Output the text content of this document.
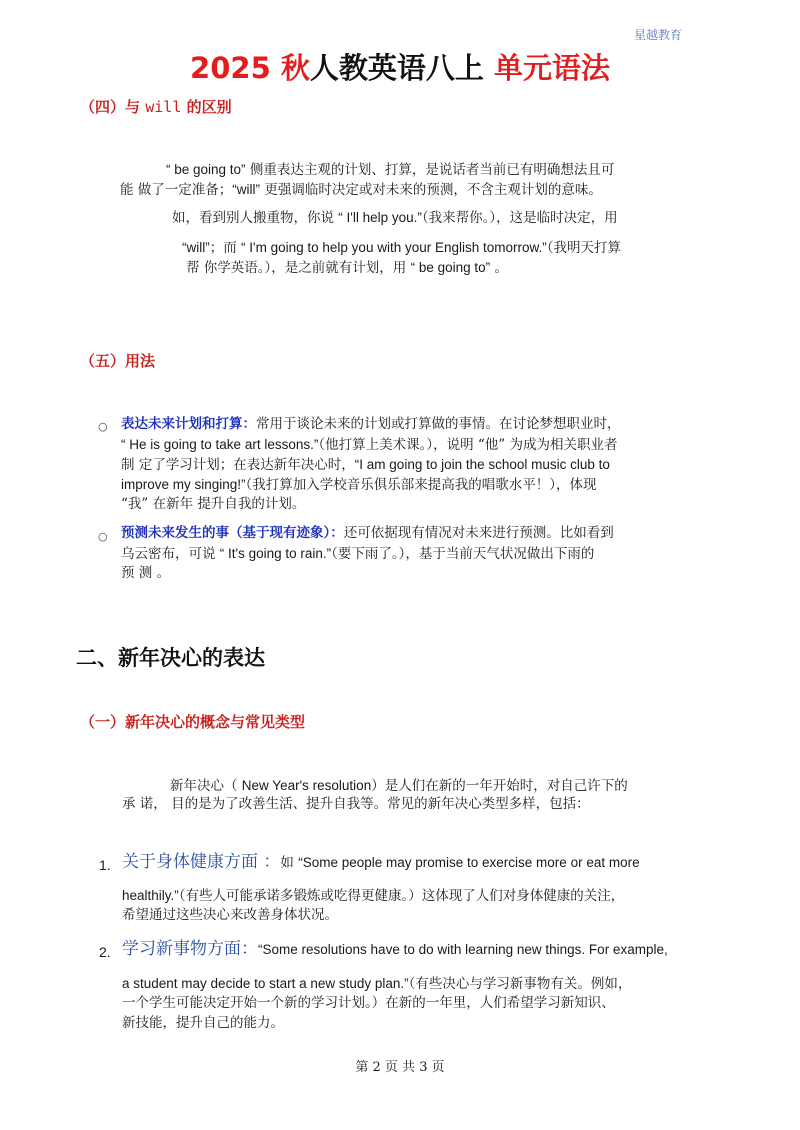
星越教育
2025 秋人教英语八上 单元语法
（四）与 will 的区别
“ be going to” 侧重表达主观的计划、打算，是说话者当前已有明确想法且可
能 做了一定准备；“will” 更强调临时决定或对未来的预测，不含主观计划的意味。
如，看到别人搬重物，你说 “ I'll help you.”（我来帮你。），这是临时决定，用
“will”；而 “ I'm going to help you with your English tomorrow.”（我明天打算
帮 你学英语。），是之前就有计划，用 “ be going to” 。
（五）用法
○ 表达未来计划和打算：常用于谈论未来的计划或打算做的事情。在讨论梦想职业时，
“ He is going to take art lessons.”（他打算上美术课。），说明 “他” 为成为相关职业者
制 定了学习计划；在表达新年决心时，“I am going to join the school music club to
improve my singing!”（我打算加入学校音乐俱乐部来提高我的唱歌水平！），体现
“我” 在新年 提升自我的计划。
○ 预测未来发生的事（基于现有迹象）：还可依据现有情况对未来进行预测。比如看到
乌云密布，可说 “ It's going to rain.”（要下雨了。），基于当前天气状况做出下雨的
预 测 。
二、新年决心的表达
（一）新年决心的概念与常见类型
新年决心（ New Year's resolution）是人们在新的一年开始时，对自己许下的
承 诺， 目的是为了改善生活、提升自我等。常见的新年决心类型多样，包括：
1. 关于身体健康方面 ：如 “Some people may promise to exercise more or eat more
healthily.”（有些人可能承诺多锻炼或吃得更健康。）这体现了人们对身体健康的关注，
希望通过这些决心来改善身体状况。
2. 学习新事物方面：“Some resolutions have to do with learning new things. For example,
a student may decide to start a new study plan.”（有些决心与学习新事物有关。例如，
一个学生可能决定开始一个新的学习计划。）在新的一年里，人们希望学习新知识、
新技能，提升自己的能力。
第 2 页 共 3 页
